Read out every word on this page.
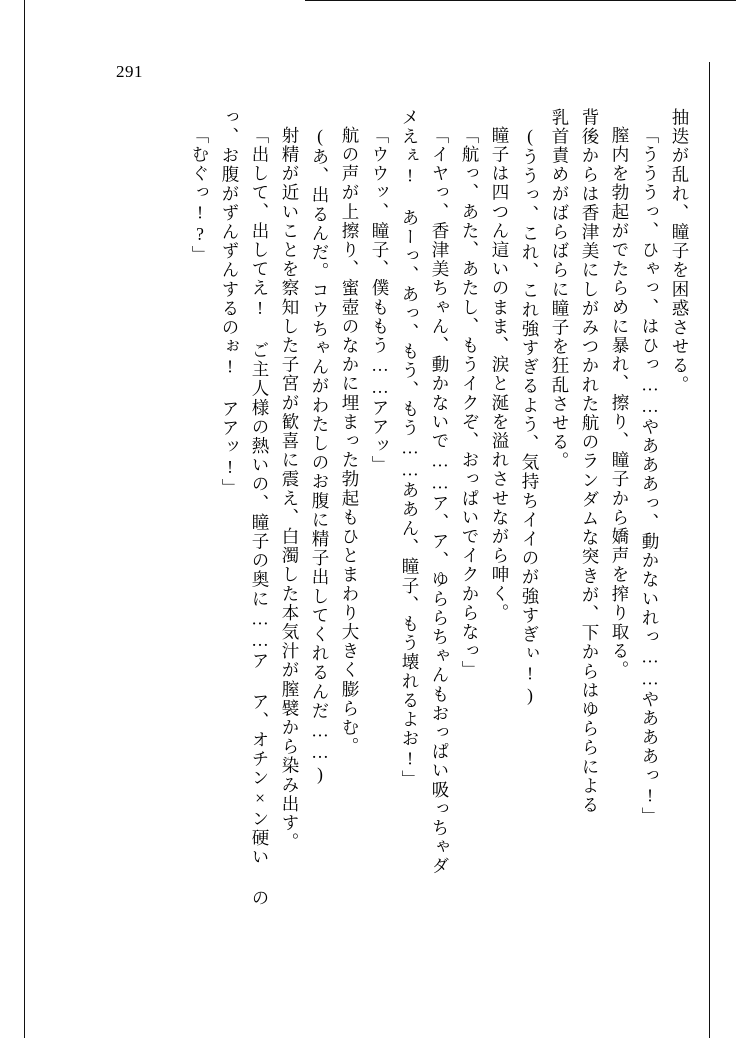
291
抽迭が乱れ、瞳子を困惑させる。
「うううっ、ひゃっ、はひっ……やあああっ、動かないれっ……やあああっ!」
膣内を勃起がでたらめに暴れ、擦り、瞳子から嬌声を搾り取る。
背後からは香津美にしがみつかれた航のランダムな突きが、下からはゆららによる
乳首責めがばらばらに瞳子を狂乱させる。
(ううっ、これ、これ強すぎるよう、気持ちイイのが強すぎぃ!)
瞳子は四つん這いのまま、涙と涎を溢れさせながら呻く。
「航っ、あた、あたし、もうイクぞ、おっぱいでイクからなっ」
「イヤっ、香津美ちゃん、動かないで……ア、ア、ゆららちゃんもおっぱい吸っちゃダ
メえぇ! あーっ、あっ、もう、もう……ああん、瞳子、もう壊れるよお!」
「ウウッ、瞳子、僕ももう……アアッ」
航の声が上擦り、蜜壺のなかに埋まった勃起もひとまわり大きく膨らむ。
(あ、出るんだ。コウちゃんがわたしのお腹に精子出してくれるんだ……)
射精が近いことを察知した子宮が歓喜に震え、白濁した本気汁が膣襞から染み出す。
「出して、出してえ! ご主人様の熱いの、瞳子の奥に……ア ア、オチン×ン硬い の
っ、お腹がずんずんするのぉ! アアッ!」
「むぐっ!?」
